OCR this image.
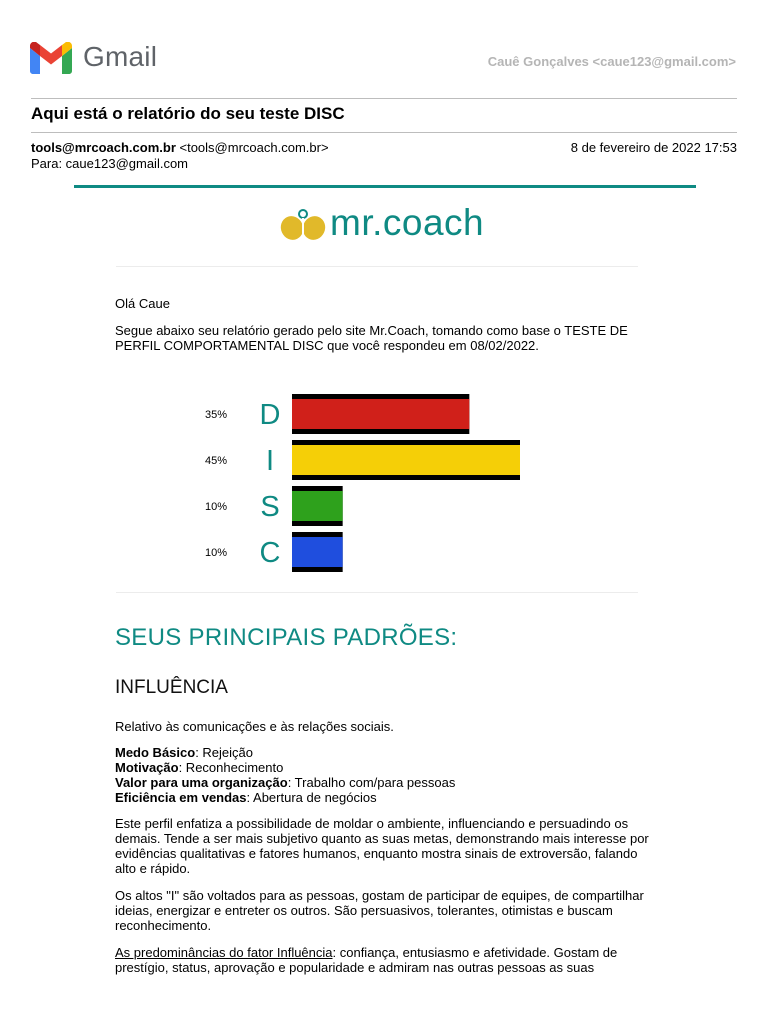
Gmail	Cauê Gonçalves <caue123@gmail.com>
Aqui está o relatório do seu teste DISC
tools@mrcoach.com.br <tools@mrcoach.com.br>
Para: caue123@gmail.com
8 de fevereiro de 2022 17:53
mr.coach
Olá Caue
Segue abaixo seu relatório gerado pelo site Mr.Coach, tomando como base o TESTE DE PERFIL COMPORTAMENTAL DISC que você respondeu em 08/02/2022.
35% D
45% I
10% S
10% C
SEUS PRINCIPAIS PADRÕES:
INFLUÊNCIA
Relativo às comunicações e às relações sociais.
Medo Básico: Rejeição
Motivação: Reconhecimento
Valor para uma organização: Trabalho com/para pessoas
Eficiência em vendas: Abertura de negócios
Este perfil enfatiza a possibilidade de moldar o ambiente, influenciando e persuadindo os demais. Tende a ser mais subjetivo quanto as suas metas, demonstrando mais interesse por evidências qualitativas e fatores humanos, enquanto mostra sinais de extroversão, falando alto e rápido.
Os altos "I" são voltados para as pessoas, gostam de participar de equipes, de compartilhar ideias, energizar e entreter os outros. São persuasivos, tolerantes, otimistas e buscam reconhecimento.
As predominâncias do fator Influência: confiança, entusiasmo e afetividade. Gostam de prestígio, status, aprovação e popularidade e admiram nas outras pessoas as suas
